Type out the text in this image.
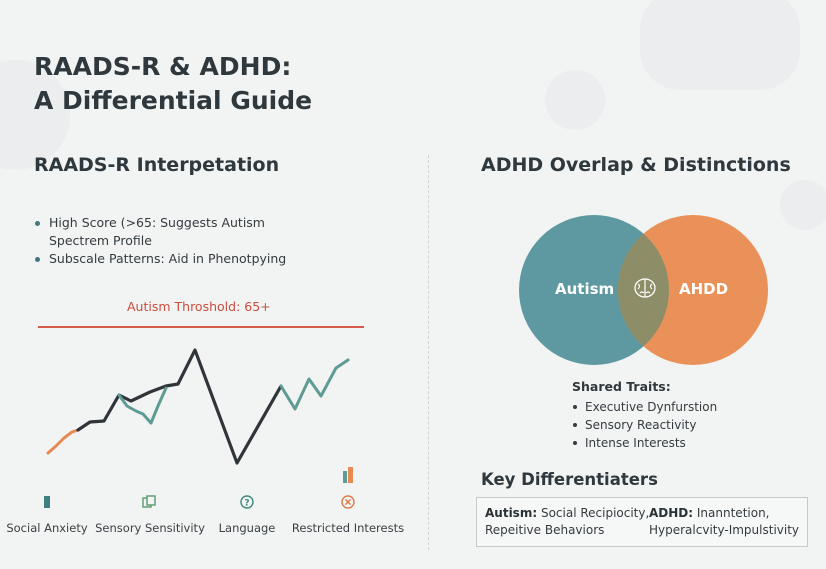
RAADS-R & ADHD:
A Differential Guide
RAADS-R Interpetation
High Score (>65: Suggests Autism
Spectrem Profile
Subscale Patterns: Aid in Phenotpying
Autism Throshold: 65+
?
Social Anxiety Sensory Sensitivity Language Restricted Interests
ADHD Overlap & Distinctions
Autism	AHDD
Shared Traits:
Executive Dynfurstion
Sensory Reactivity
Intense Interests
Key Differentiaters
Autism: Social Recipiocity,
Repeitive Behaviors
ADHD: Inanntetion,
Hyperalcvity-Impulstivity
